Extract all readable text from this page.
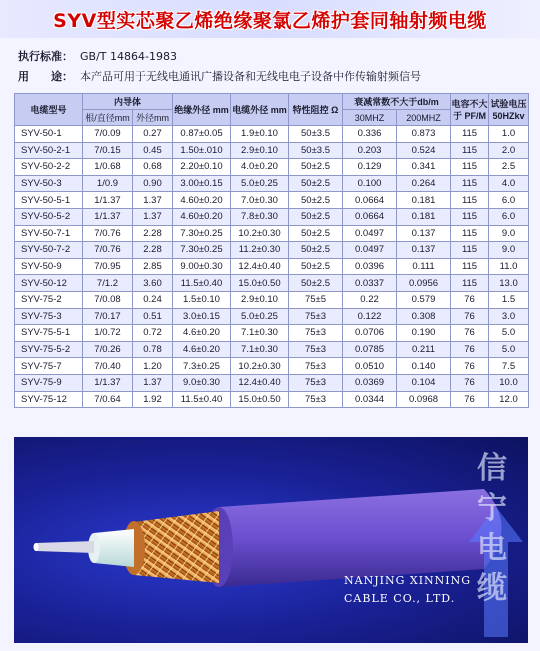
SYV型实芯聚乙烯绝缘聚氯乙烯护套同轴射频电缆
执行标准： GB/T 14864-1983
用　　途： 本产品可用于无线电通讯广播设备和无线电电子设备中作传输射频信号
电缆型号	内导体		绝缘外径 mm	电缆外径 mm	特性阻控 Ω	衰减常数不大于db/m		电容不大于 PF/M	试验电压 50HZkv
	根/直径mm	外径mm				30MHZ	200MHZ		
SYV-50-1	7/0.09	0.27	0.87±0.05	1.9±0.10	50±3.5	0.336	0.873	115	1.0
SYV-50-2-1	7/0.15	0.45	1.50±.010	2.9±0.10	50±3.5	0.203	0.524	115	2.0
SYV-50-2-2	1/0.68	0.68	2.20±0.10	4.0±0.20	50±2.5	0.129	0.341	115	2.5
SYV-50-3	1/0.9	0.90	3.00±0.15	5.0±0.25	50±2.5	0.100	0.264	115	4.0
SYV-50-5-1	1/1.37	1.37	4.60±0.20	7.0±0.30	50±2.5	0.0664	0.181	115	6.0
SYV-50-5-2	1/1.37	1.37	4.60±0.20	7.8±0.30	50±2.5	0.0664	0.181	115	6.0
SYV-50-7-1	7/0.76	2.28	7.30±0.25	10.2±0.30	50±2.5	0.0497	0.137	115	9.0
SYV-50-7-2	7/0.76	2.28	7.30±0.25	11.2±0.30	50±2.5	0.0497	0.137	115	9.0
SYV-50-9	7/0.95	2.85	9.00±0.30	12.4±0.40	50±2.5	0.0396	0.111	115	11.0
SYV-50-12	7/1.2	3.60	11.5±0.40	15.0±0.50	50±2.5	0.0337	0.0956	115	13.0
SYV-75-2	7/0.08	0.24	1.5±0.10	2.9±0.10	75±5	0.22	0.579	76	1.5
SYV-75-3	7/0.17	0.51	3.0±0.15	5.0±0.25	75±3	0.122	0.308	76	3.0
SYV-75-5-1	1/0.72	0.72	4.6±0.20	7.1±0.30	75±3	0.0706	0.190	76	5.0
SYV-75-5-2	7/0.26	0.78	4.6±0.20	7.1±0.30	75±3	0.0785	0.211	76	5.0
SYV-75-7	7/0.40	1.20	7.3±0.25	10.2±0.30	75±3	0.0510	0.140	76	7.5
SYV-75-9	1/1.37	1.37	9.0±0.30	12.4±0.40	75±3	0.0369	0.104	76	10.0
SYV-75-12	7/0.64	1.92	11.5±0.40	15.0±0.50	75±3	0.0344	0.0968	76	12.0
信宁电缆
NANJING XINNING
CABLE CO., LTD.
